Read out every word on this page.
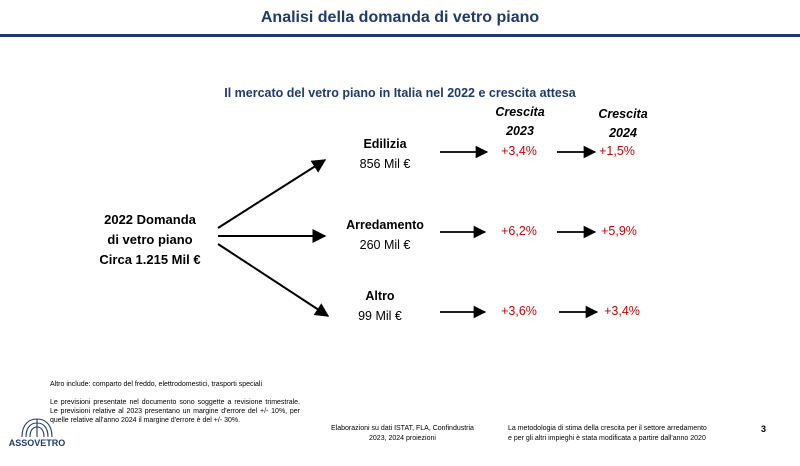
Analisi della domanda di vetro piano
Il mercato del vetro piano in Italia nel 2022 e crescita attesa
Crescita
2023
Crescita
2024
2022 Domanda
di vetro piano
Circa 1.215 Mil €
Edilizia
856 Mil €
Arredamento
260 Mil €
Altro
99 Mil €
+3,4%	+1,5%
+6,2%	+5,9%
+3,6%	+3,4%
Altro include: comparto del freddo, elettrodomestici, trasporti speciali
Le previsioni presentate nel documento sono soggette a revisione trimestrale. Le previsioni relative al 2023 presentano un margine d'errore del +/- 10%, per quelle relative all'anno 2024 il margine d'errore è del +/- 30%.
Elaborazioni su dati ISTAT, FLA, Confindustria
2023, 2024 proiezioni
La metodologia di stima della crescita per il settore arredamento
e per gli altri impieghi è stata modificata a partire dall'anno 2020
3
ASSOVETRO
